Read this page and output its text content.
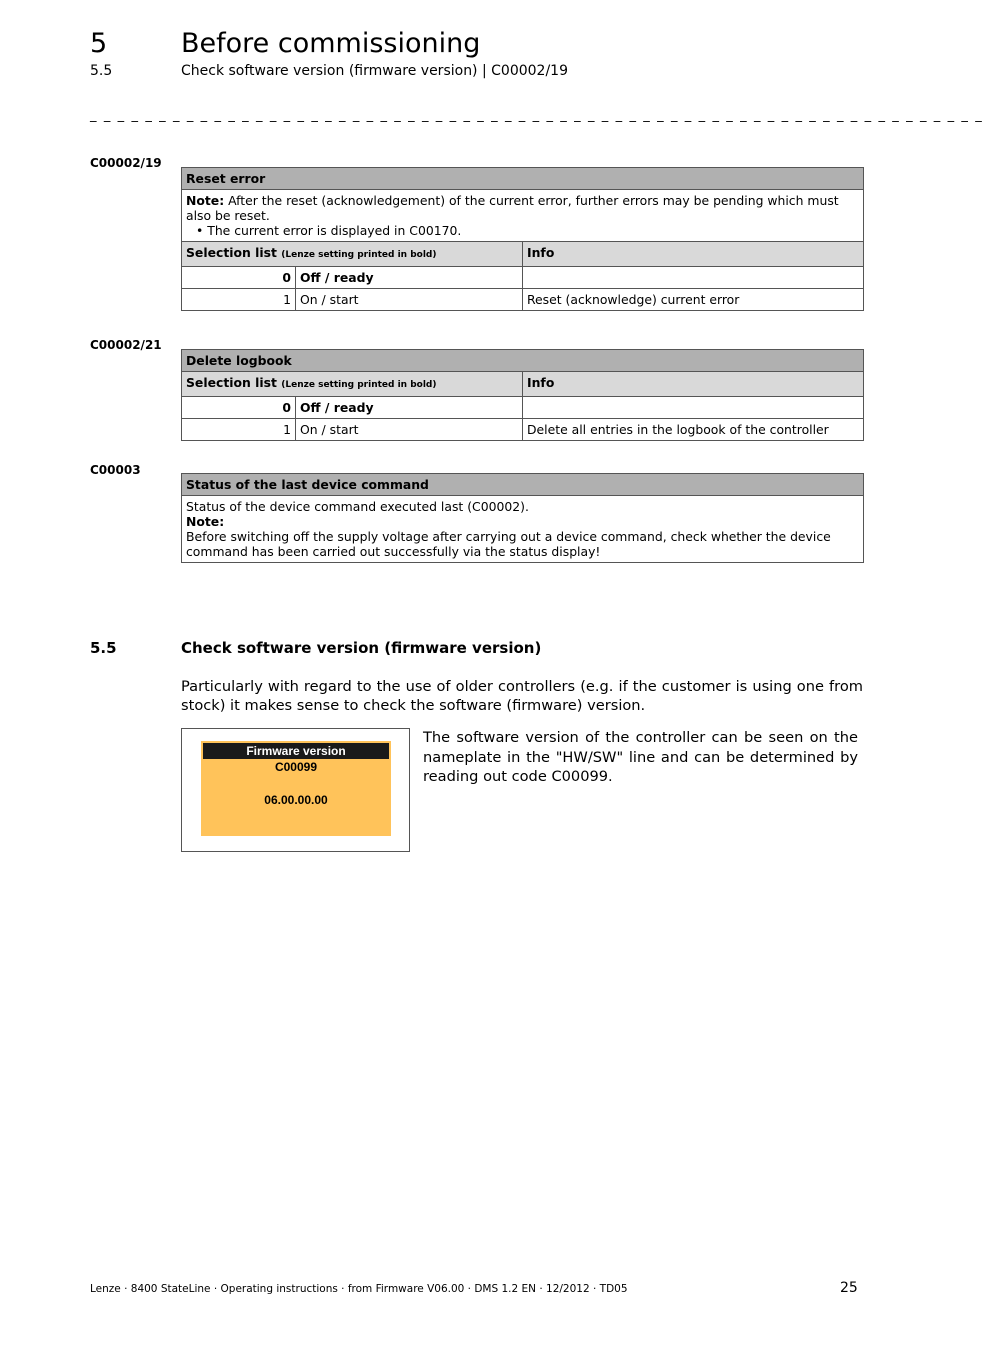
5	Before commissioning
5.5	Check software version (firmware version) | C00002/19
_ _ _ _ _ _ _ _ _ _ _ _ _ _ _ _ _ _ _ _ _ _ _ _ _ _ _ _ _ _ _ _ _ _ _ _ _ _ _ _ _ _ _ _ _ _ _ _ _ _ _ _ _ _ _ _ _ _ _ _ _ _ _ _ _
C00002/19
Reset error		
Note: After the reset (acknowledgement) of the current error, further errors may be pending which must also be reset.
• The current error is displayed in C00170.		

Selection list (Lenze setting printed in bold)		Info
0	Off / ready	
1	On / start	Reset (acknowledge) current error
C00002/21
Delete logbook		
Selection list (Lenze setting printed in bold)		Info
0	Off / ready	
1	On / start	Delete all entries in the logbook of the controller
C00003
Status of the last device command

Status of the device command executed last (C00002).
Note:
Before switching off the supply voltage after carrying out a device command, check whether the device command has been carried out successfully via the status display!
5.5	Check software version (firmware version)
Particularly with regard to the use of older controllers (e.g. if the customer is using one from stock) it makes sense to check the software (firmware) version.
Firmware version
C00099
06.00.00.00
The software version of the controller can be seen on the nameplate in the "HW/SW" line and can be determined by reading out code C00099.
Lenze · 8400 StateLine · Operating instructions · from Firmware V06.00 · DMS 1.2 EN · 12/2012 · TD05	25
